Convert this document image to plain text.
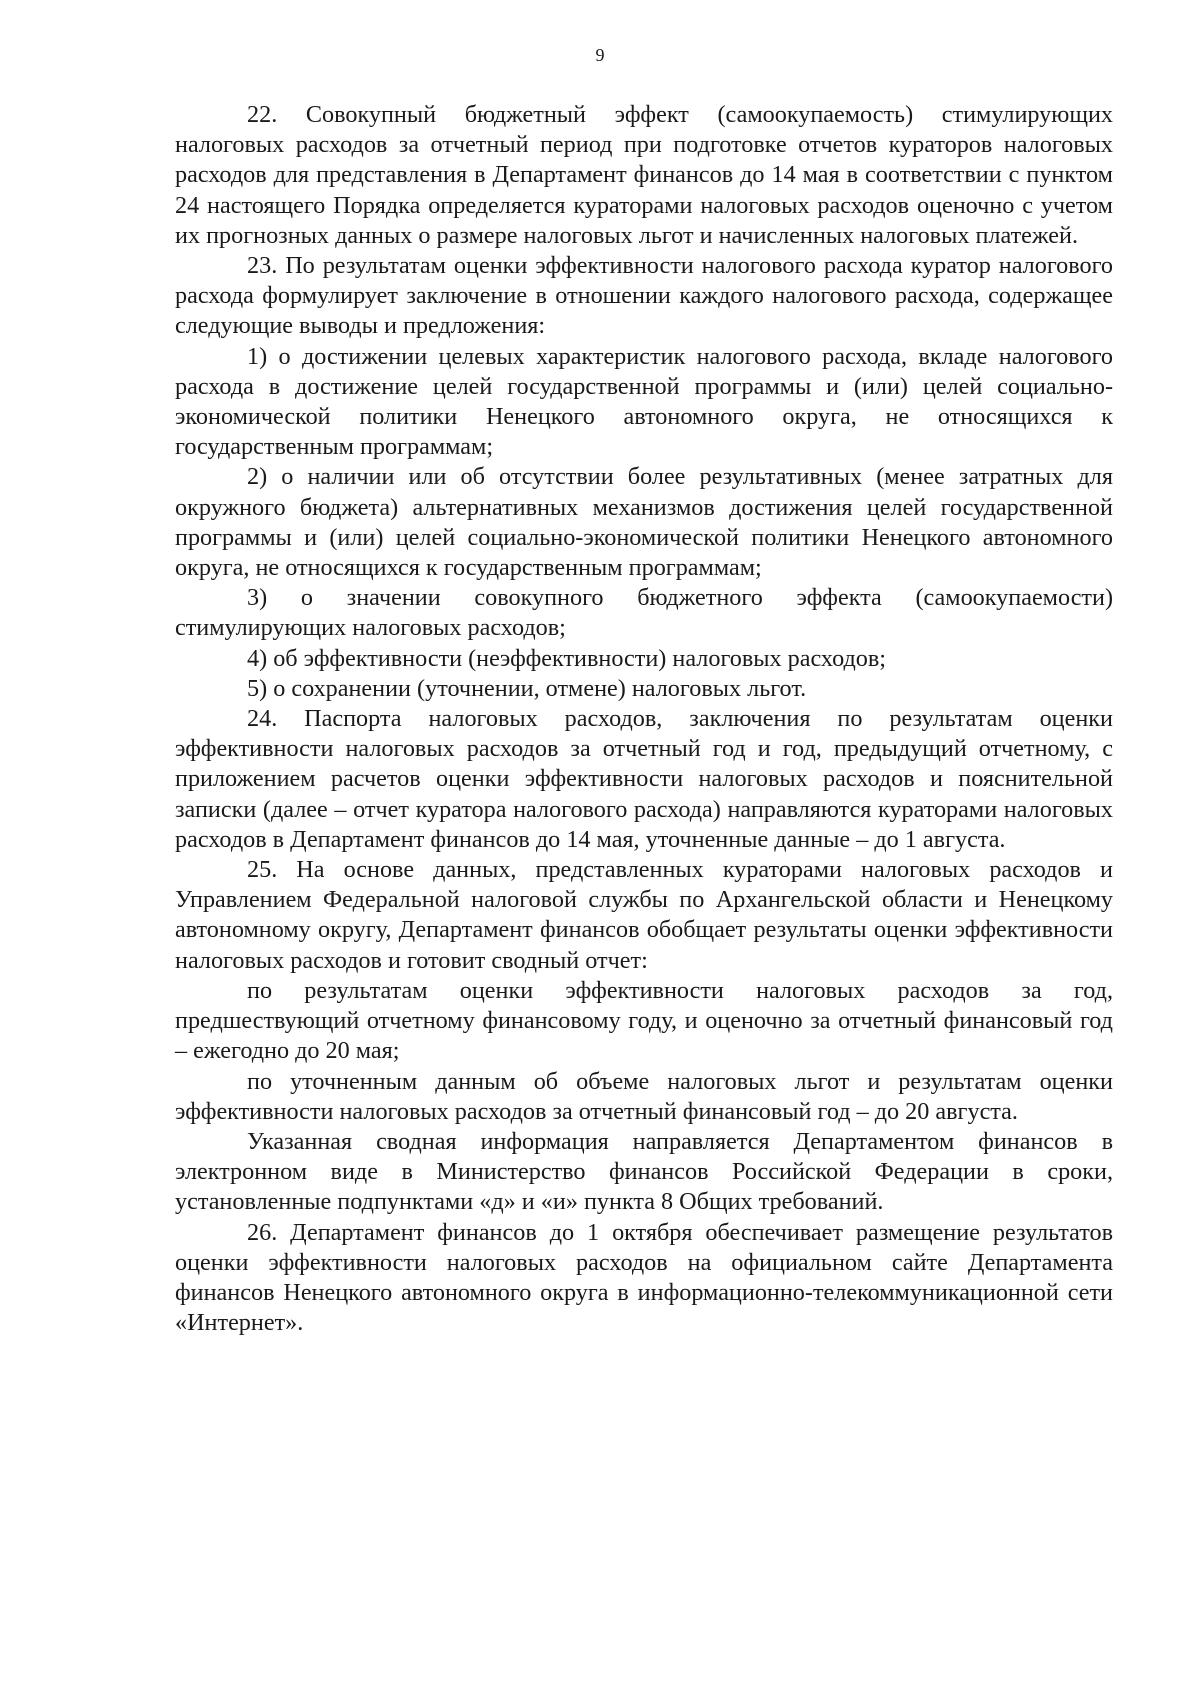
9

22. Совокупный бюджетный эффект (самоокупаемость) стимулирующих налоговых расходов за отчетный период при подготовке отчетов кураторов налоговых расходов для представления в Департамент финансов до 14 мая в соответствии с пунктом 24 настоящего Порядка определяется кураторами налоговых расходов оценочно с учетом их прогнозных данных о размере налоговых льгот и начисленных налоговых платежей.

23. По результатам оценки эффективности налогового расхода куратор налогового расхода формулирует заключение в отношении каждого налогового расхода, содержащее следующие выводы и предложения:

1) о достижении целевых характеристик налогового расхода, вкладе налогового расхода в достижение целей государственной программы и (или) целей социально-экономической политики Ненецкого автономного округа, не относящихся к государственным программам;

2) о наличии или об отсутствии более результативных (менее затратных для окружного бюджета) альтернативных механизмов достижения целей государственной программы и (или) целей социально-экономической политики Ненецкого автономного округа, не относящихся к государственным программам;

3) о значении совокупного бюджетного эффекта (самоокупаемости) стимулирующих налоговых расходов;

4) об эффективности (неэффективности) налоговых расходов;

5) о сохранении (уточнении, отмене) налоговых льгот.

24. Паспорта налоговых расходов, заключения по результатам оценки эффективности налоговых расходов за отчетный год и год, предыдущий отчетному, с приложением расчетов оценки эффективности налоговых расходов и пояснительной записки (далее – отчет куратора налогового расхода) направляются кураторами налоговых расходов в Департамент финансов до 14 мая, уточненные данные – до 1 августа.

25. На основе данных, представленных кураторами налоговых расходов и Управлением Федеральной налоговой службы по Архангельской области и Ненецкому автономному округу, Департамент финансов обобщает результаты оценки эффективности налоговых расходов и готовит сводный отчет:

по результатам оценки эффективности налоговых расходов за год, предшествующий отчетному финансовому году, и оценочно за отчетный финансовый год – ежегодно до 20 мая;

по уточненным данным об объеме налоговых льгот и результатам оценки эффективности налоговых расходов за отчетный финансовый год – до 20 августа.

Указанная сводная информация направляется Департаментом финансов в электронном виде в Министерство финансов Российской Федерации в сроки, установленные подпунктами «д» и «и» пункта 8 Общих требований.

26. Департамент финансов до 1 октября обеспечивает размещение результатов оценки эффективности налоговых расходов на официальном сайте Департамента финансов Ненецкого автономного округа в информационно-телекоммуникационной сети «Интернет».
